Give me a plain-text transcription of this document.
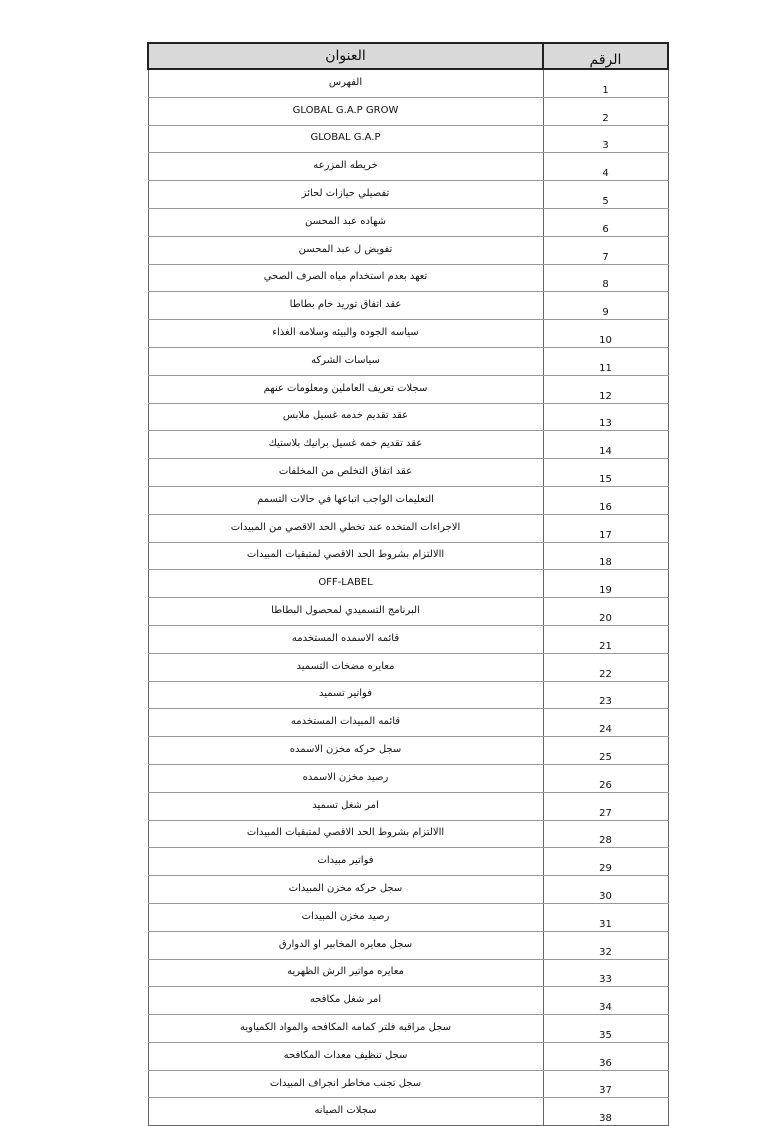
العنوان	الرقم
الفهرس	1
GLOBAL G.A.P GROW	2
GLOBAL G.A.P	3
خريطه المزرعه	4
تفصيلي حيازات لحائز	5
شهاده عبد المحسن	6
تفويض ل عبد المحسن	7
تعهد بعدم استخدام مياه الصرف الصحي	8
عقد اتفاق توريد خام بطاطا	9
سياسه الجوده والبيئه وسلامه الغذاء	10
سياسات الشركه	11
سجلات تعريف العاملين ومعلومات عنهم	12
عقد تقديم خدمه غسيل ملابس	13
عقد تقديم خمه غسيل برانيك بلاستيك	14
عقد اتفاق التخلص من المخلفات	15
التعليمات الواجب اتباعها في حالات التسمم	16
الاجراءات المتخده عند تخطي الحد الاقصي من المبيدات	17
االالتزام بشروط الحد الاقصي لمتبقيات المبيدات	18
OFF-LABEL	19
البرنامج التسميدي لمحصول البطاطا	20
قائمه الاسمده المستخدمه	21
معايره مضخات التسميد	22
فواتير تسميد	23
قائمه المبيدات المستخدمه	24
سجل حركه مخزن الاسمده	25
رصيد مخزن الاسمده	26
امر شغل تسميد	27
االالتزام بشروط الحد الاقصي لمتبقيات المبيدات	28
فواتير مبيدات	29
سجل حركه مخزن المبيدات	30
رصيد مخزن المبيدات	31
سجل معايره المخابير او الدوارق	32
معايره مواتير الرش الظهريه	33
امر شغل مكافحه	34
سجل مراقبه فلتر كمامه المكافحه والمواد الكمياويه	35
سجل تنظيف معدات المكافحه	36
سجل تجنب مخاطر انجراف المبيدات	37
سجلات الصيانه	38
